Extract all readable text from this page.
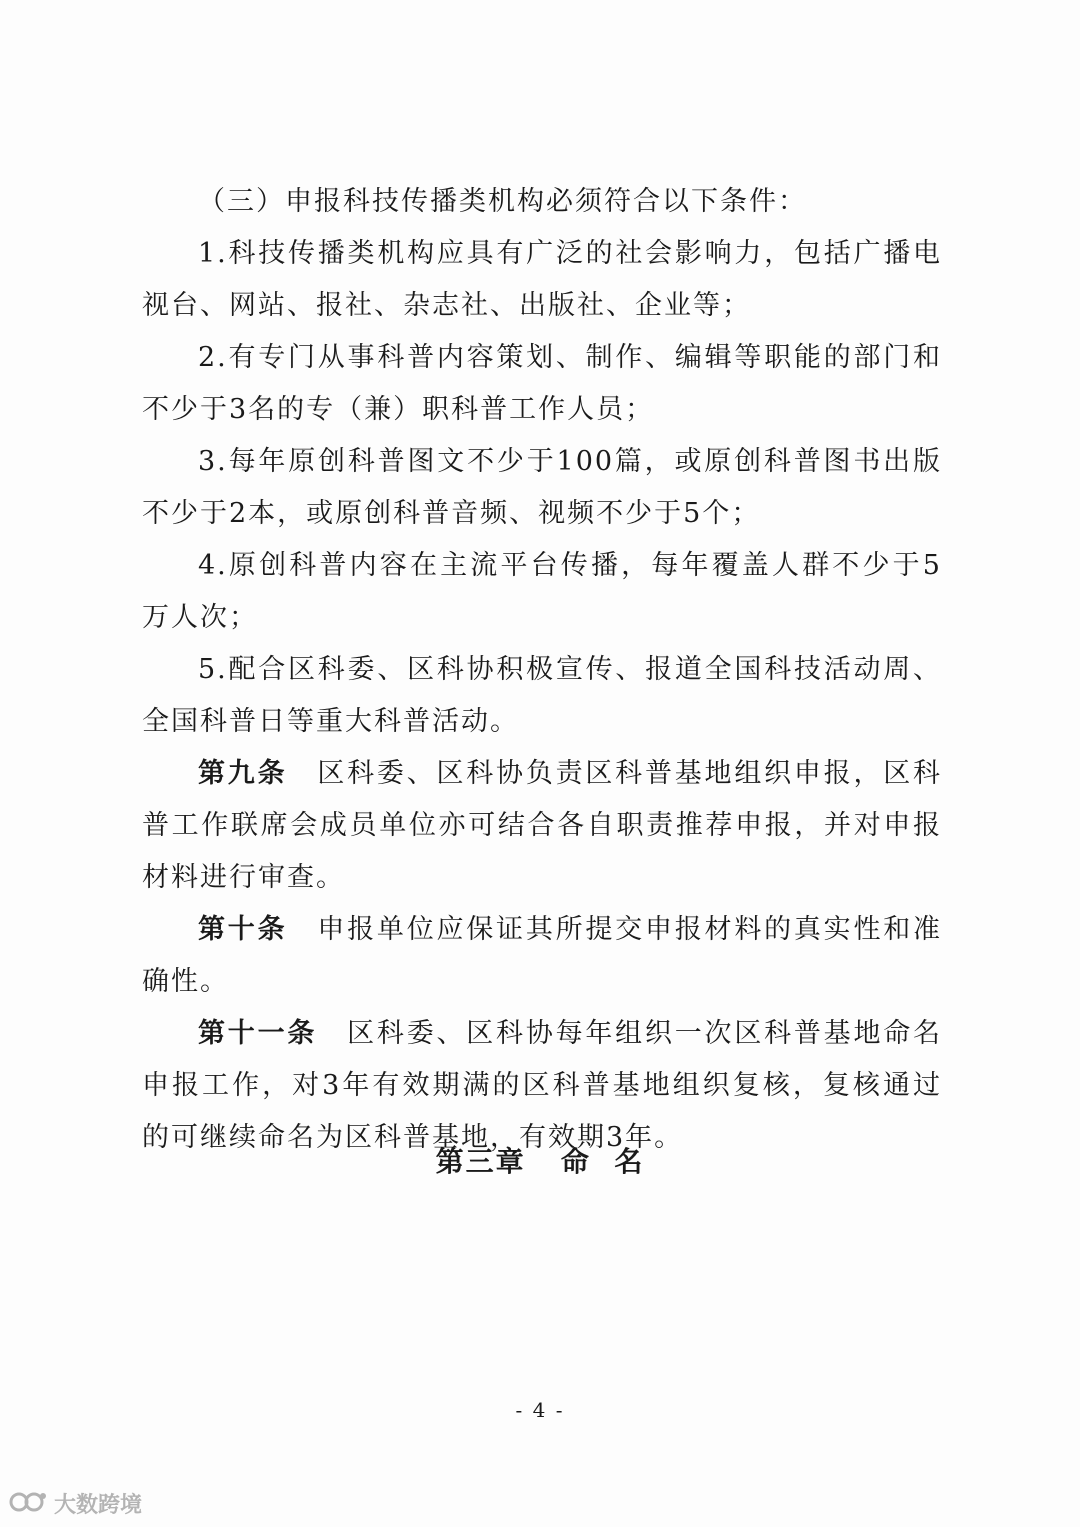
（三）申报科技传播类机构必须符合以下条件：

1.科技传播类机构应具有广泛的社会影响力，包括广播电视台、网站、报社、杂志社、出版社、企业等；

2.有专门从事科普内容策划、制作、编辑等职能的部门和不少于3名的专（兼）职科普工作人员；

3.每年原创科普图文不少于100篇，或原创科普图书出版不少于2本，或原创科普音频、视频不少于5个；

4.原创科普内容在主流平台传播，每年覆盖人群不少于5万人次；

5.配合区科委、区科协积极宣传、报道全国科技活动周、全国科普日等重大科普活动。

第九条 区科委、区科协负责区科普基地组织申报，区科普工作联席会成员单位亦可结合各自职责推荐申报，并对申报材料进行审查。

第十条 申报单位应保证其所提交申报材料的真实性和准确性。

第十一条 区科委、区科协每年组织一次区科普基地命名申报工作，对3年有效期满的区科普基地组织复核，复核通过的可继续命名为区科普基地，有效期3年。

第三章   命  名
- 4 -
大数跨境
